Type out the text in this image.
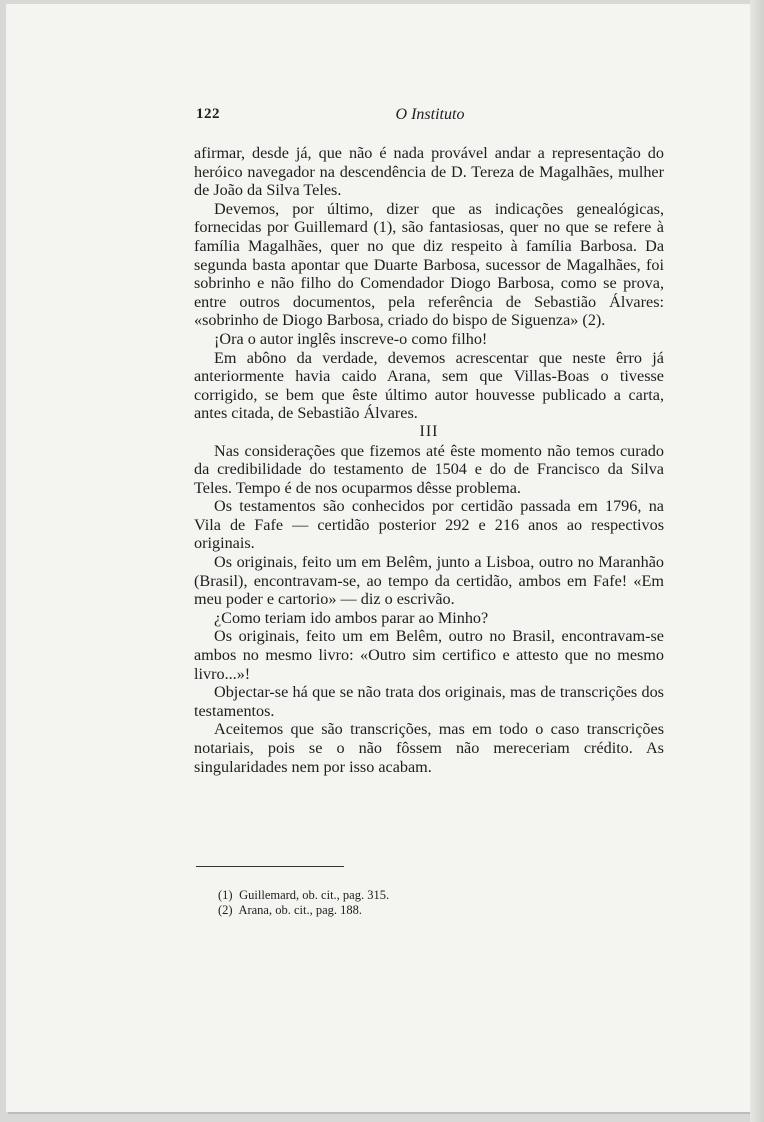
122	O Instituto

afirmar, desde já, que não é nada provável andar a representação do heróico navegador na descendência de D. Tereza de Magalhães, mulher de João da Silva Teles.

Devemos, por último, dizer que as indicações genealógicas, fornecidas por Guillemard (1), são fantasiosas, quer no que se refere à família Magalhães, quer no que diz respeito à família Barbosa. Da segunda basta apontar que Duarte Barbosa, sucessor de Magalhães, foi sobrinho e não filho do Comendador Diogo Barbosa, como se prova, entre outros documentos, pela referência de Sebastião Álvares: «sobrinho de Diogo Barbosa, criado do bispo de Siguenza» (2).

¡Ora o autor inglês inscreve-o como filho!

Em abôno da verdade, devemos acrescentar que neste êrro já anteriormente havia caido Arana, sem que Villas-Boas o tivesse corrigido, se bem que êste último autor houvesse publicado a carta, antes citada, de Sebastião Álvares.

III

Nas considerações que fizemos até êste momento não temos curado da credibilidade do testamento de 1504 e do de Francisco da Silva Teles. Tempo é de nos ocuparmos dêsse problema.

Os testamentos são conhecidos por certidão passada em 1796, na Vila de Fafe — certidão posterior 292 e 216 anos ao respectivos originais.

Os originais, feito um em Belêm, junto a Lisboa, outro no Maranhão (Brasil), encontravam-se, ao tempo da certidão, ambos em Fafe! «Em meu poder e cartorio» — diz o escrivão.

¿Como teriam ido ambos parar ao Minho?

Os originais, feito um em Belêm, outro no Brasil, encontravam-se ambos no mesmo livro: «Outro sim certifico e attesto que no mesmo livro...»!

Objectar-se há que se não trata dos originais, mas de transcrições dos testamentos.

Aceitemos que são transcrições, mas em todo o caso transcrições notariais, pois se o não fôssem não mereceriam crédito. As singularidades nem por isso acabam.

(1) Guillemard, ob. cit., pag. 315.
(2) Arana, ob. cit., pag. 188.
